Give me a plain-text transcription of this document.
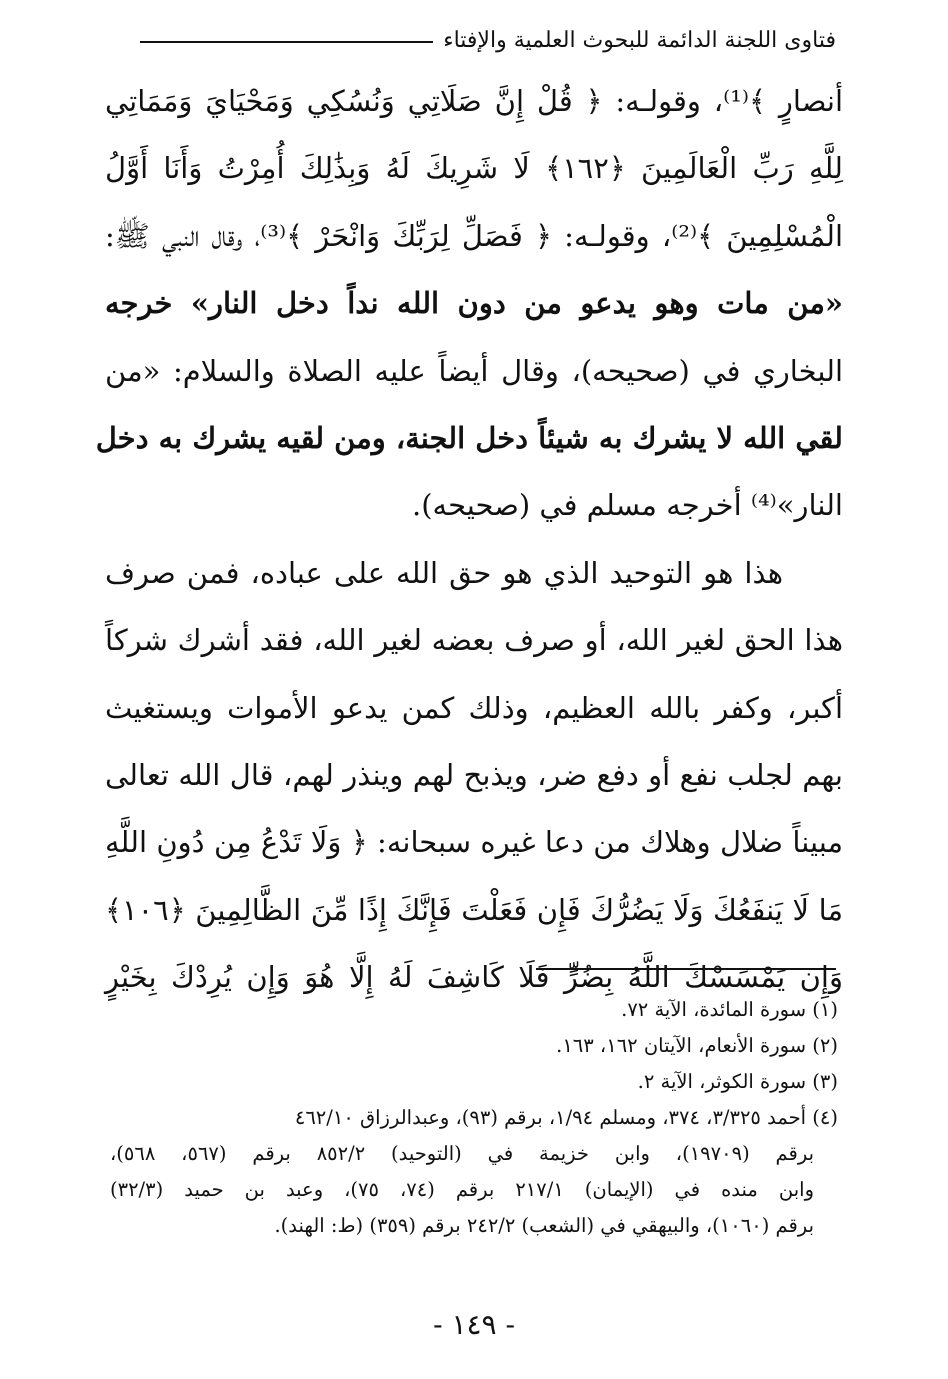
فتاوى اللجنة الدائمة للبحوث العلمية والإفتاء
أنصارٍ ﴾⁽¹⁾، وقولـه: ﴿ قُلْ إِنَّ صَلَاتِي وَنُسُكِي وَمَحْيَايَ وَمَمَاتِي
لِلَّهِ رَبِّ الْعَالَمِينَ ﴿١٦٢﴾ لَا شَرِيكَ لَهُ وَبِذَٰلِكَ أُمِرْتُ وَأَنَا أَوَّلُ
الْمُسْلِمِينَ ﴾⁽²⁾، وقولـه: ﴿ فَصَلِّ لِرَبِّكَ وَانْحَرْ ﴾⁽³⁾، وقال النبي ﷺ:
«من مات وهو يدعو من دون الله نداً دخل النار» خرجه
البخاري في (صحيحه)، وقال أيضاً عليه الصلاة والسلام: «من
لقي الله لا يشرك به شيئاً دخل الجنة، ومن لقيه يشرك به دخل
النار»⁽⁴⁾ أخرجه مسلم في (صحيحه).
هذا هو التوحيد الذي هو حق الله على عباده، فمن صرف
هذا الحق لغير الله، أو صرف بعضه لغير الله، فقد أشرك شركاً
أكبر، وكفر بالله العظيم، وذلك كمن يدعو الأموات ويستغيث
بهم لجلب نفع أو دفع ضر، ويذبح لهم وينذر لهم، قال الله تعالى
مبيناً ضلال وهلاك من دعا غيره سبحانه: ﴿ وَلَا تَدْعُ مِن دُونِ اللَّهِ
مَا لَا يَنفَعُكَ وَلَا يَضُرُّكَ فَإِن فَعَلْتَ فَإِنَّكَ إِذًا مِّنَ الظَّالِمِينَ ﴿١٠٦﴾
وَإِن يَمْسَسْكَ اللَّهُ بِضُرٍّ فَلَا كَاشِفَ لَهُ إِلَّا هُوَ وَإِن يُرِدْكَ بِخَيْرٍ
(١) سورة المائدة، الآية ٧٢.
(٢) سورة الأنعام، الآيتان ١٦٢، ١٦٣.
(٣) سورة الكوثر، الآية ٢.
(٤) أحمد ٣/٣٢٥، ٣٧٤، ومسلم ١/٩٤، برقم (٩٣)، وعبدالرزاق ٤٦٢/١٠
برقم (١٩٧٠٩)، وابن خزيمة في (التوحيد) ٨٥٢/٢ برقم (٥٦٧، ٥٦٨)،
وابن منده في (الإيمان) ٢١٧/١ برقم (٧٤، ٧٥)، وعبد بن حميد (٣٢/٣)
برقم (١٠٦٠)، والبيهقي في (الشعب) ٢٤٢/٢ برقم (٣٥٩) (ط: الهند).
- ١٤٩ -
